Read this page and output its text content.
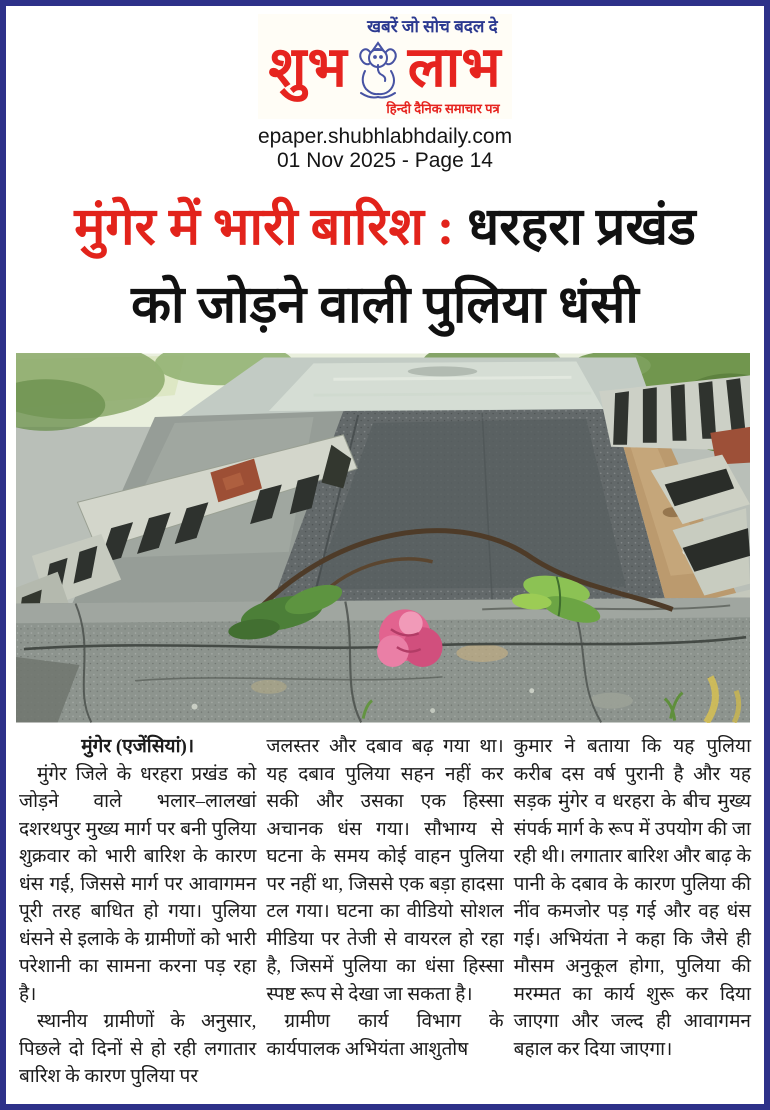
खबरें जो सोच बदल दे
शुभ लाभ
हिन्दी दैनिक समाचार पत्र
epaper.shubhlabhdaily.com
01 Nov 2025 - Page 14
मुंगेर में भारी बारिश : धरहरा प्रखंड
को जोड़ने वाली पुलिया धंसी

मुंगेर (एजेंसियां)।

मुंगेर जिले के धरहरा प्रखंड को जोड़ने वाले भलार–लालखां दशरथपुर मुख्य मार्ग पर बनी पुलिया शुक्रवार को भारी बारिश के कारण धंस गई, जिससे मार्ग पर आवागमन पूरी तरह बाधित हो गया। पुलिया धंसने से इलाके के ग्रामीणों को भारी परेशानी का सामना करना पड़ रहा है।

स्थानीय ग्रामीणों के अनुसार, पिछले दो दिनों से हो रही लगातार बारिश के कारण पुलिया पर

जलस्तर और दबाव बढ़ गया था। यह दबाव पुलिया सहन नहीं कर सकी और उसका एक हिस्सा अचानक धंस गया। सौभाग्य से घटना के समय कोई वाहन पुलिया पर नहीं था, जिससे एक बड़ा हादसा टल गया। घटना का वीडियो सोशल मीडिया पर तेजी से वायरल हो रहा है, जिसमें पुलिया का धंसा हिस्सा स्पष्ट रूप से देखा जा सकता है।

ग्रामीण कार्य विभाग के कार्यपालक अभियंता आशुतोष

कुमार ने बताया कि यह पुलिया करीब दस वर्ष पुरानी है और यह सड़क मुंगेर व धरहरा के बीच मुख्य संपर्क मार्ग के रूप में उपयोग की जा रही थी। लगातार बारिश और बाढ़ के पानी के दबाव के कारण पुलिया की नींव कमजोर पड़ गई और वह धंस गई। अभियंता ने कहा कि जैसे ही मौसम अनुकूल होगा, पुलिया की मरम्मत का कार्य शुरू कर दिया जाएगा और जल्द ही आवागमन बहाल कर दिया जाएगा।
